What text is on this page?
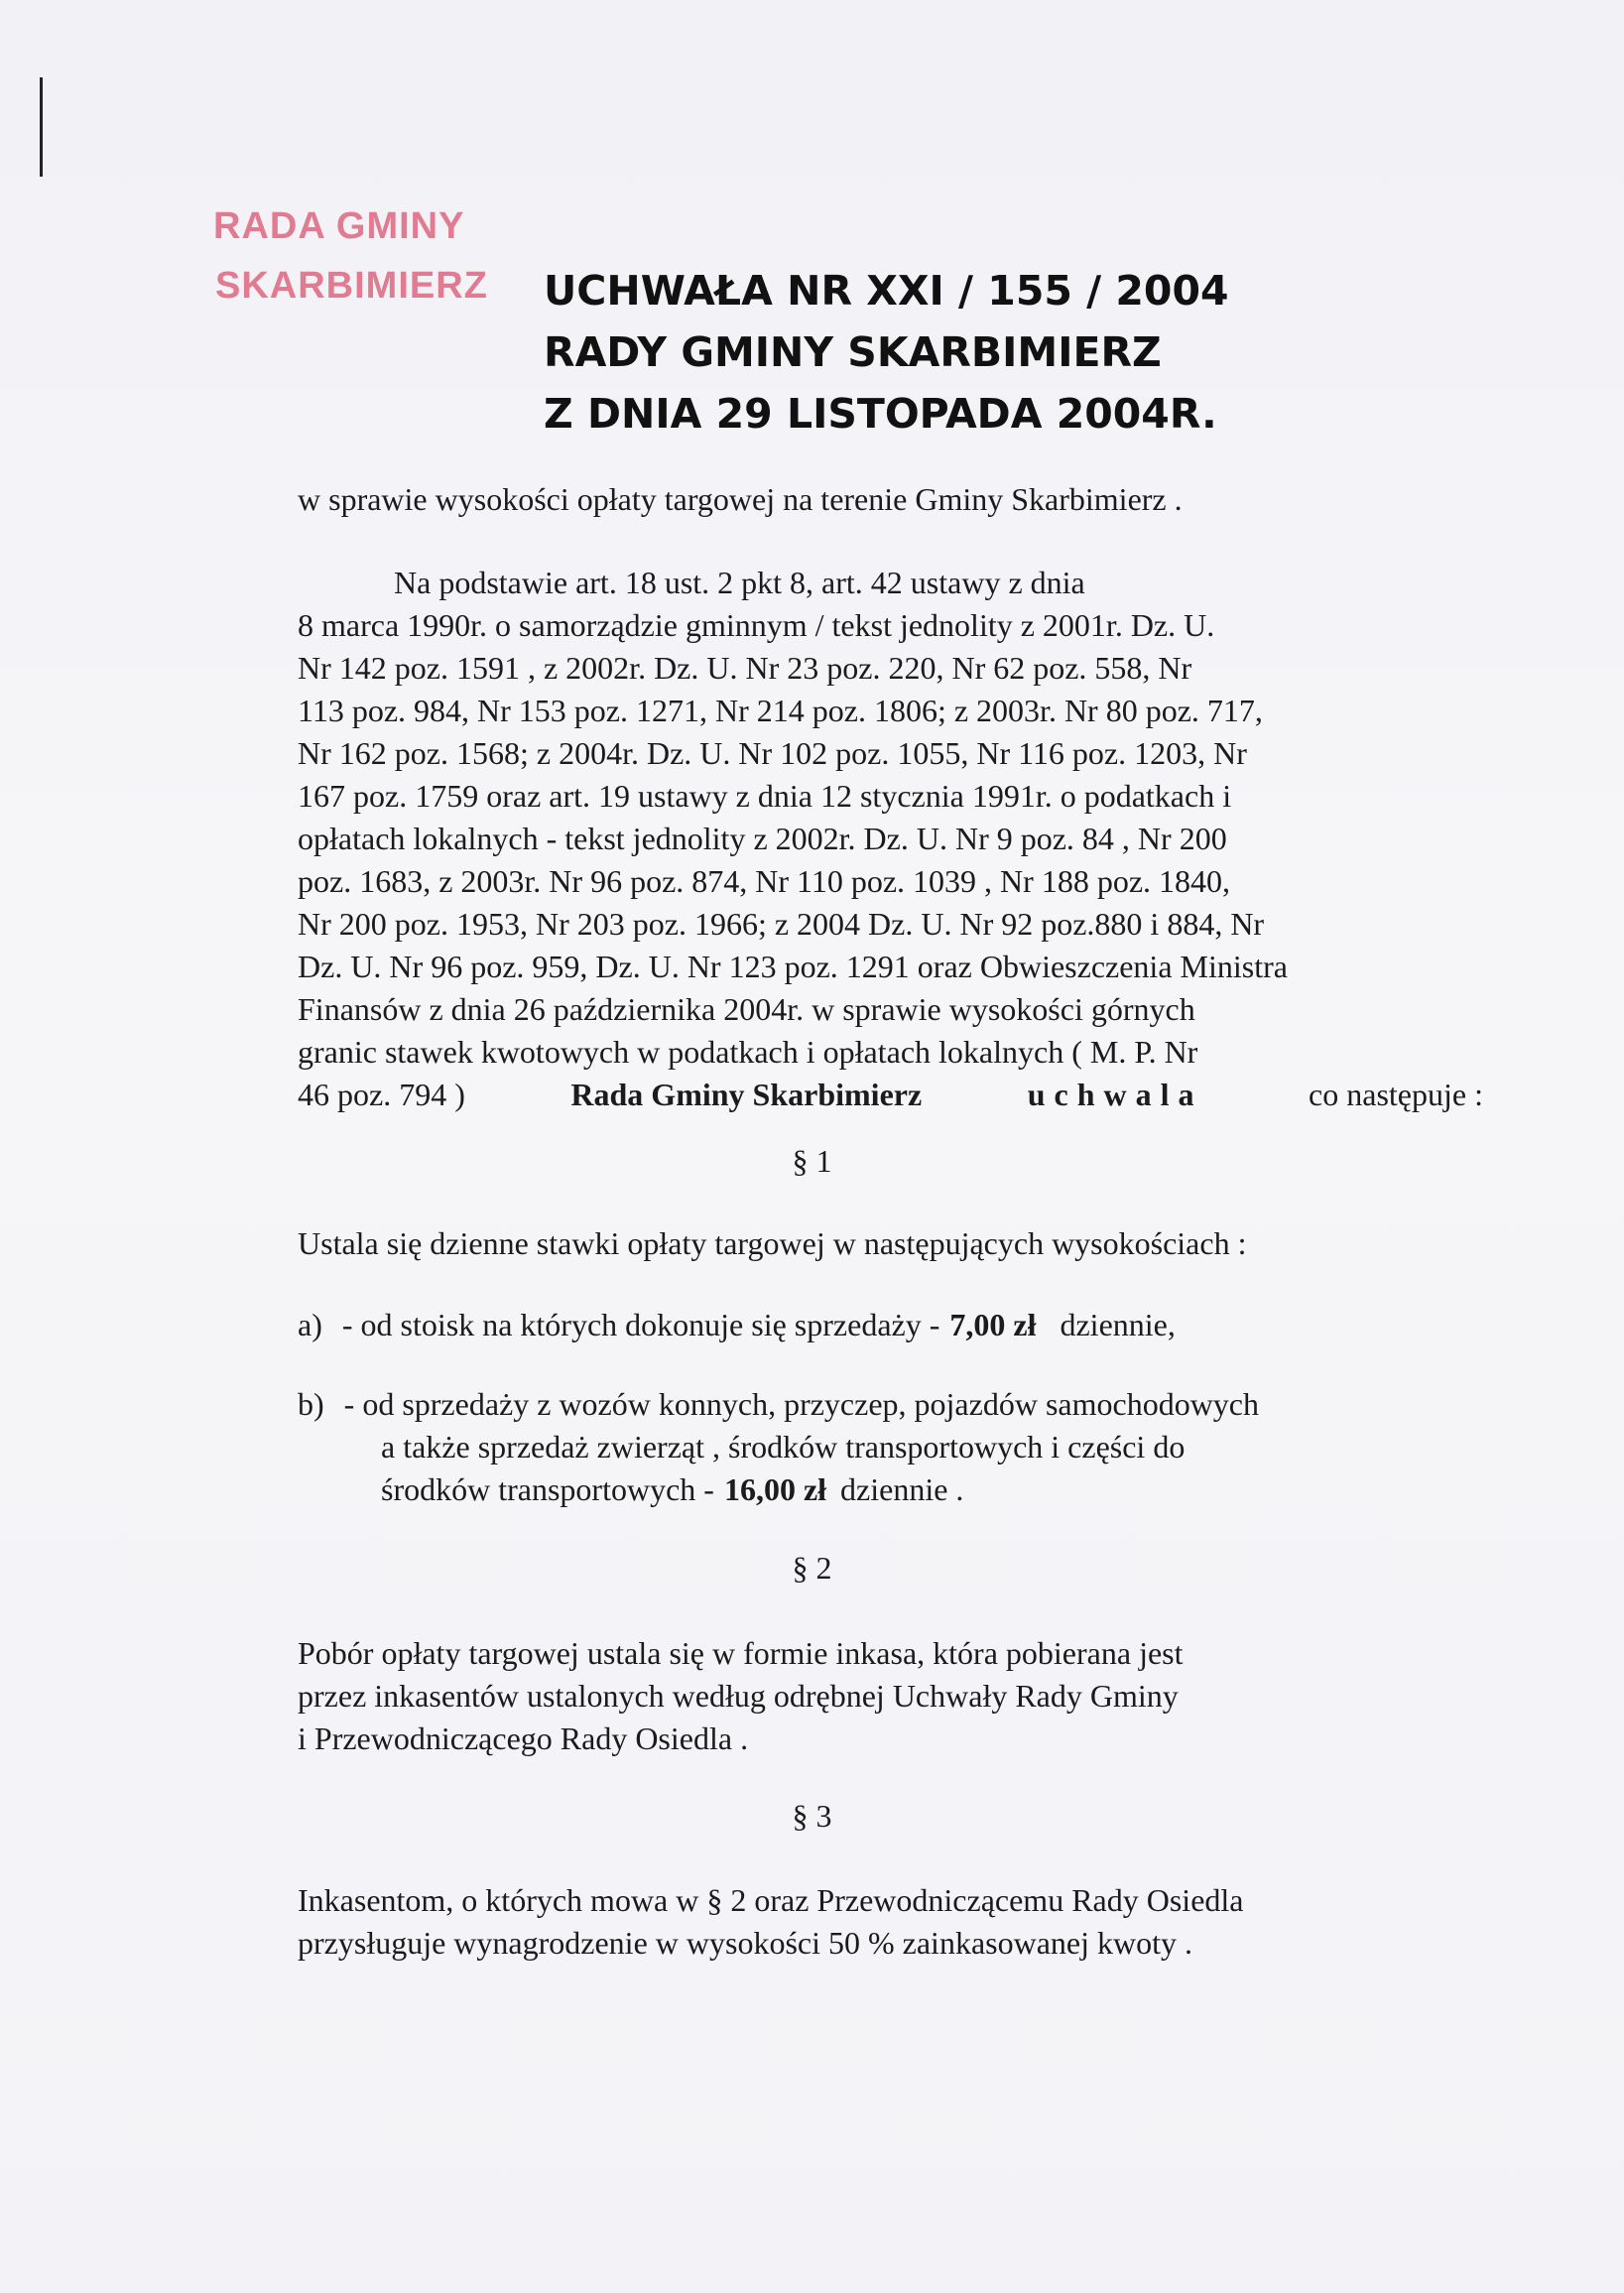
RADA GMINY
SKARBIMIERZ UCHWAŁA NR XXI / 155 / 2004
RADY GMINY SKARBIMIERZ
Z DNIA 29 LISTOPADA 2004R.
w sprawie wysokości opłaty targowej na terenie Gminy Skarbimierz .
Na podstawie art. 18 ust. 2 pkt 8, art. 42 ustawy z dnia
8 marca 1990r. o samorządzie gminnym / tekst jednolity z 2001r. Dz. U.
Nr 142 poz. 1591 , z 2002r. Dz. U. Nr 23 poz. 220, Nr 62 poz. 558, Nr
113 poz. 984, Nr 153 poz. 1271, Nr 214 poz. 1806; z 2003r. Nr 80 poz. 717,
Nr 162 poz. 1568; z 2004r. Dz. U. Nr 102 poz. 1055, Nr 116 poz. 1203, Nr
167 poz. 1759 oraz art. 19 ustawy z dnia 12 stycznia 1991r. o podatkach i
opłatach lokalnych - tekst jednolity z 2002r. Dz. U. Nr 9 poz. 84 , Nr 200
poz. 1683, z 2003r. Nr 96 poz. 874, Nr 110 poz. 1039 , Nr 188 poz. 1840,
Nr 200 poz. 1953, Nr 203 poz. 1966; z 2004 Dz. U. Nr 92 poz.880 i 884, Nr
Dz. U. Nr 96 poz. 959, Dz. U. Nr 123 poz. 1291 oraz Obwieszczenia Ministra
Finansów z dnia 26 października 2004r. w sprawie wysokości górnych
granic stawek kwotowych w podatkach i opłatach lokalnych ( M. P. Nr
46 poz. 794 )	Rada Gminy Skarbimierz	uchwala	co następuje :
§ 1
Ustala się dzienne stawki opłaty targowej w następujących wysokościach :
a) - od stoisk na których dokonuje się sprzedaży - 7,00 zł dziennie,
b) - od sprzedaży z wozów konnych, przyczep, pojazdów samochodowych
a także sprzedaż zwierząt , środków transportowych i części do
środków transportowych - 16,00 zł dziennie .
§ 2
Pobór opłaty targowej ustala się w formie inkasa, która pobierana jest
przez inkasentów ustalonych według odrębnej Uchwały Rady Gminy
i Przewodniczącego Rady Osiedla .
§ 3
Inkasentom, o których mowa w § 2 oraz Przewodniczącemu Rady Osiedla
przysługuje wynagrodzenie w wysokości 50 % zainkasowanej kwoty .
